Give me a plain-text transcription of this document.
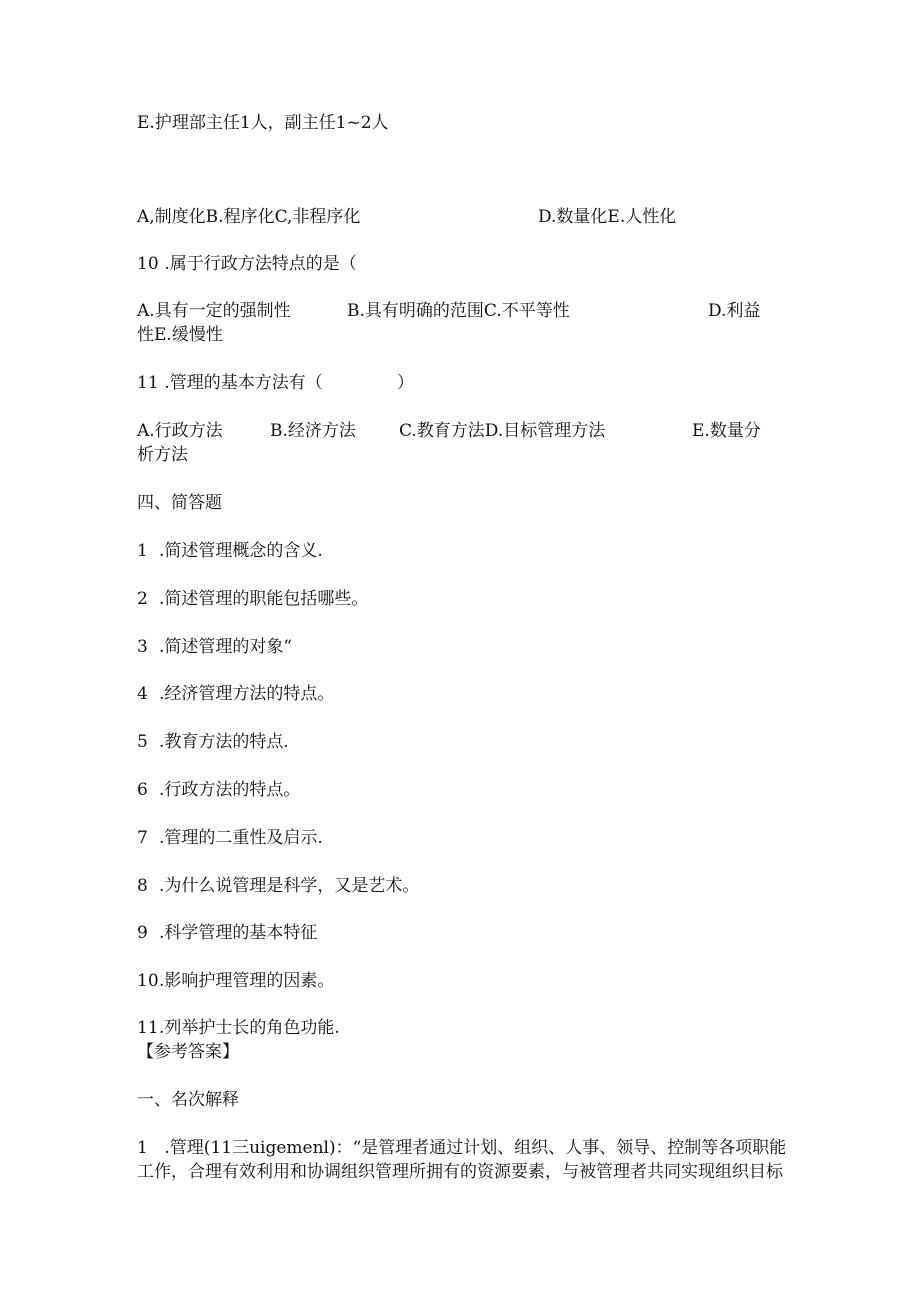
E.护理部主任1人，副主任1~2人
A,制度化B.程序化C,非程序化	D.数量化E.人性化
10 .属于行政方法特点的是（
A.具有一定的强制性	B.具有明确的范围C.不平等性	D.利益
性E.缓慢性
11 .管理的基本方法有（	）
A.行政方法	B.经济方法	C.教育方法D.目标管理方法	E.数量分
析方法
四、简答题
1 .简述管理概念的含义.
2 .简述管理的职能包括哪些。
3 .简述管理的对象“
4 .经济管理方法的特点。
5 .教育方法的特点.
6 .行政方法的特点。
7 .管理的二重性及启示.
8 .为什么说管理是科学，又是艺术。
9 .科学管理的基本特征
10.影响护理管理的因素。
11.列举护士长的角色功能.
【参考答案】
一、名次解释
1 .管理(11三uigemenl)：“是管理者通过计划、组织、人事、领导、控制等各项职能
工作，合理有效利用和协调组织管理所拥有的资源要素，与被管理者共同实现组织目标
